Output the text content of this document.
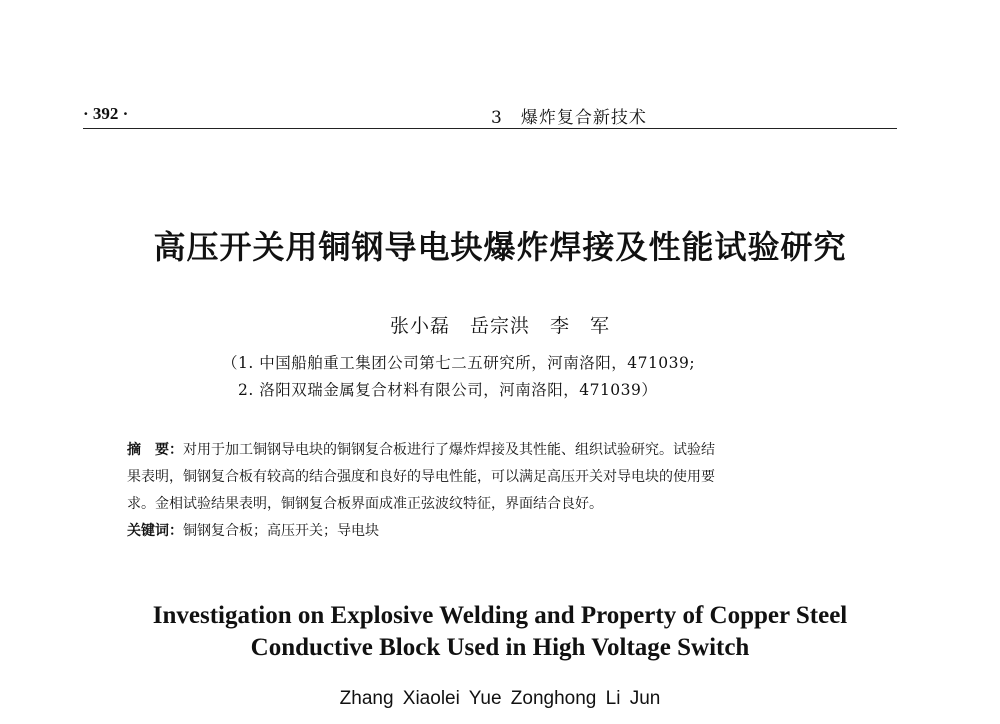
· 392 ·	3　爆炸复合新技术
高压开关用铜钢导电块爆炸焊接及性能试验研究
张小磊　岳宗洪　李　军
（1. 中国船舶重工集团公司第七二五研究所，河南洛阳，471039;
2. 洛阳双瑞金属复合材料有限公司，河南洛阳，471039）
摘　要：对用于加工铜钢导电块的铜钢复合板进行了爆炸焊接及其性能、组织试验研究。试验结
果表明，铜钢复合板有较高的结合强度和良好的导电性能，可以满足高压开关对导电块的使用要
求。金相试验结果表明，铜钢复合板界面成准正弦波纹特征，界面结合良好。
关键词：铜钢复合板；高压开关；导电块
Investigation on Explosive Welding and Property of Copper Steel
Conductive Block Used in High Voltage Switch
Zhang Xiaolei Yue Zonghong Li Jun
